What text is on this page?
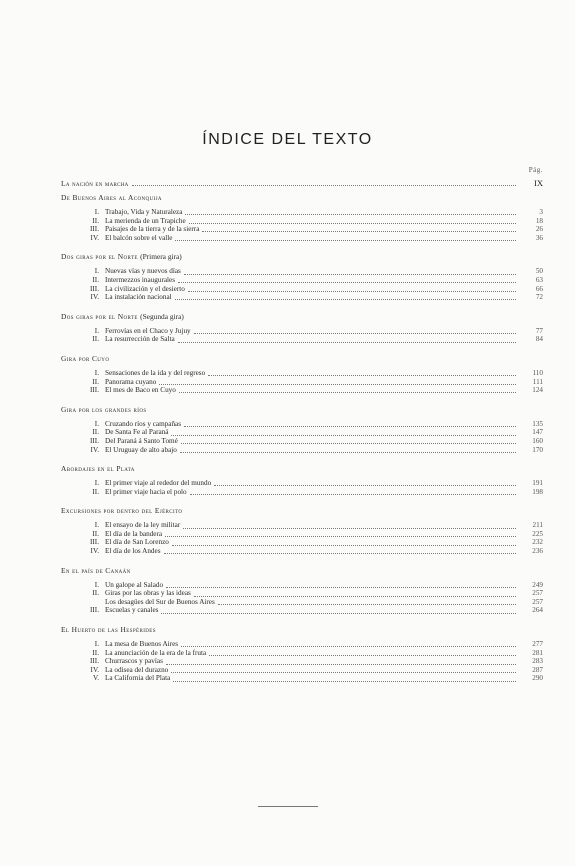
ÍNDICE DEL TEXTO
Pág.
La nación en marcha	IX
De Buenos Aires al Aconquija
I. Trabajo, Vida y Naturaleza	3
II. La merienda de un Trapiche	18
III. Paisajes de la tierra y de la sierra	26
IV. El balcón sobre el valle	36
Dos giras por el Norte (Primera gira)
I. Nuevas vías y nuevos días	50
II. Intermezzos inaugurales	63
III. La civilización y el desierto	66
IV. La instalación nacional	72
Dos giras por el Norte (Segunda gira)
I. Ferrovías en el Chaco y Jujuy	77
II. La resurrección de Salta	84
Gira por Cuyo
I. Sensaciones de la ida y del regreso	110
II. Panorama cuyano	111
III. El mes de Baco en Cuyo	124
Gira por los grandes ríos
I. Cruzando ríos y campañas	135
II. De Santa Fe al Paraná	147
III. Del Paraná á Santo Tomé	160
IV. El Uruguay de alto abajo	170
Abordajes en el Plata
I. El primer viaje al rededor del mundo	191
II. El primer viaje hacia el polo	198
Excursiones por dentro del Ejército
I. El ensayo de la ley militar	211
II. El día de la bandera	225
III. El día de San Lorenzo	232
IV. El día de los Andes	236
En el país de Canaán
I. Un galope al Salado	249
II. Giras por las obras y las ideas	257
Los desagües del Sur de Buenos Aires	257
III. Escuelas y canales	264
El Huerto de las Hespérides
I. La mesa de Buenos Aires	277
II. La anunciación de la era de la fruta	281
III. Churrascos y pavías	283
IV. La odisea del durazno	287
V. La California del Plata	290
